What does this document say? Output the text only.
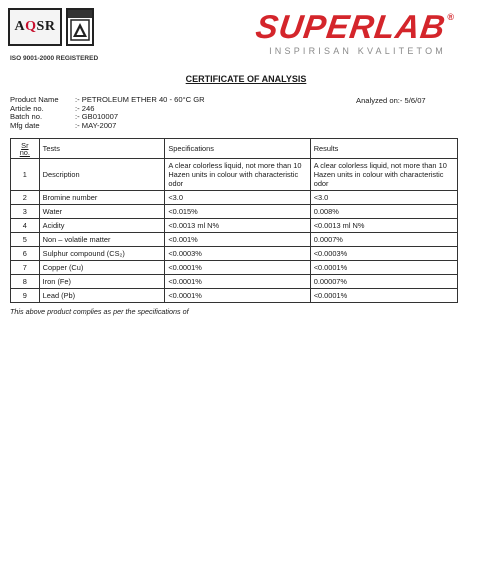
AQSR
ISO 9001-2000 REGISTERED
SUPERLAB
®
INSPIRISAN KVALITETOM
CERTIFICATE OF ANALYSIS
Product Name	:- PETROLEUM ETHER 40 - 60°C GR
Article no.	:- 246
Batch no.	:- GB010007
Mfg date	:- MAY-2007
Analyzed on:- 5/6/07
Sr
no.	Tests	Specifications	Results
1	Description	A clear colorless liquid, not more than 10 Hazen units in colour with characteristic odor	A clear colorless liquid, not more than 10 Hazen units in colour with characteristic odor
2	Bromine number	<3.0	<3.0
3	Water	<0.015%	0.008%
4	Acidity	<0.0013 ml N%	<0.0013 ml N%
5	Non – volatile matter	<0.001%	0.0007%
6	Sulphur compound (CS₂)	<0.0003%	<0.0003%
7	Copper (Cu)	<0.0001%	<0.0001%
8	Iron (Fe)	<0.0001%	0.00007%
9	Lead (Pb)	<0.0001%	<0.0001%
This above product complies as per the specifications of
